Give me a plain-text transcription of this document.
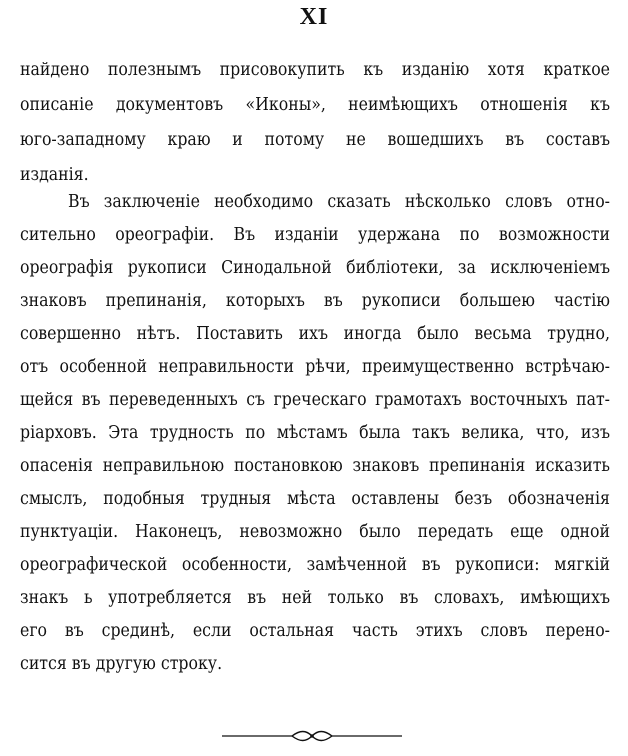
XI
найдено полезнымъ присовокупить къ изданію хотя краткое
описаніе документовъ «Иконы», неимѣющихъ отношенія къ
юго-западному краю и потому не вошедшихъ въ составъ
изданія.
Въ заключеніе необходимо сказать нѣсколько словъ отно-
сительно ореографіи. Въ изданіи удержана по возможности
ореографія рукописи Синодальной библіотеки, за исключеніемъ
знаковъ препинанія, которыхъ въ рукописи большею частію
совершенно нѣтъ. Поставить ихъ иногда было весьма трудно,
отъ особенной неправильности рѣчи, преимущественно встрѣчаю-
щейся въ переведенныхъ съ греческаго грамотахъ восточныхъ пат-
ріарховъ. Эта трудность по мѣстамъ была такъ велика, что, изъ
опасенія неправильною постановкою знаковъ препинанія исказить
смыслъ, подобныя трудныя мѣста оставлены безъ обозначенія
пунктуаціи. Наконецъ, невозможно было передать еще одной
ореографической особенности, замѣченной въ рукописи: мягкій
знакъ ь употребляется въ ней только въ словахъ, имѣющихъ
его въ срединѣ, если остальная часть этихъ словъ перено-
сится въ другую строку.
